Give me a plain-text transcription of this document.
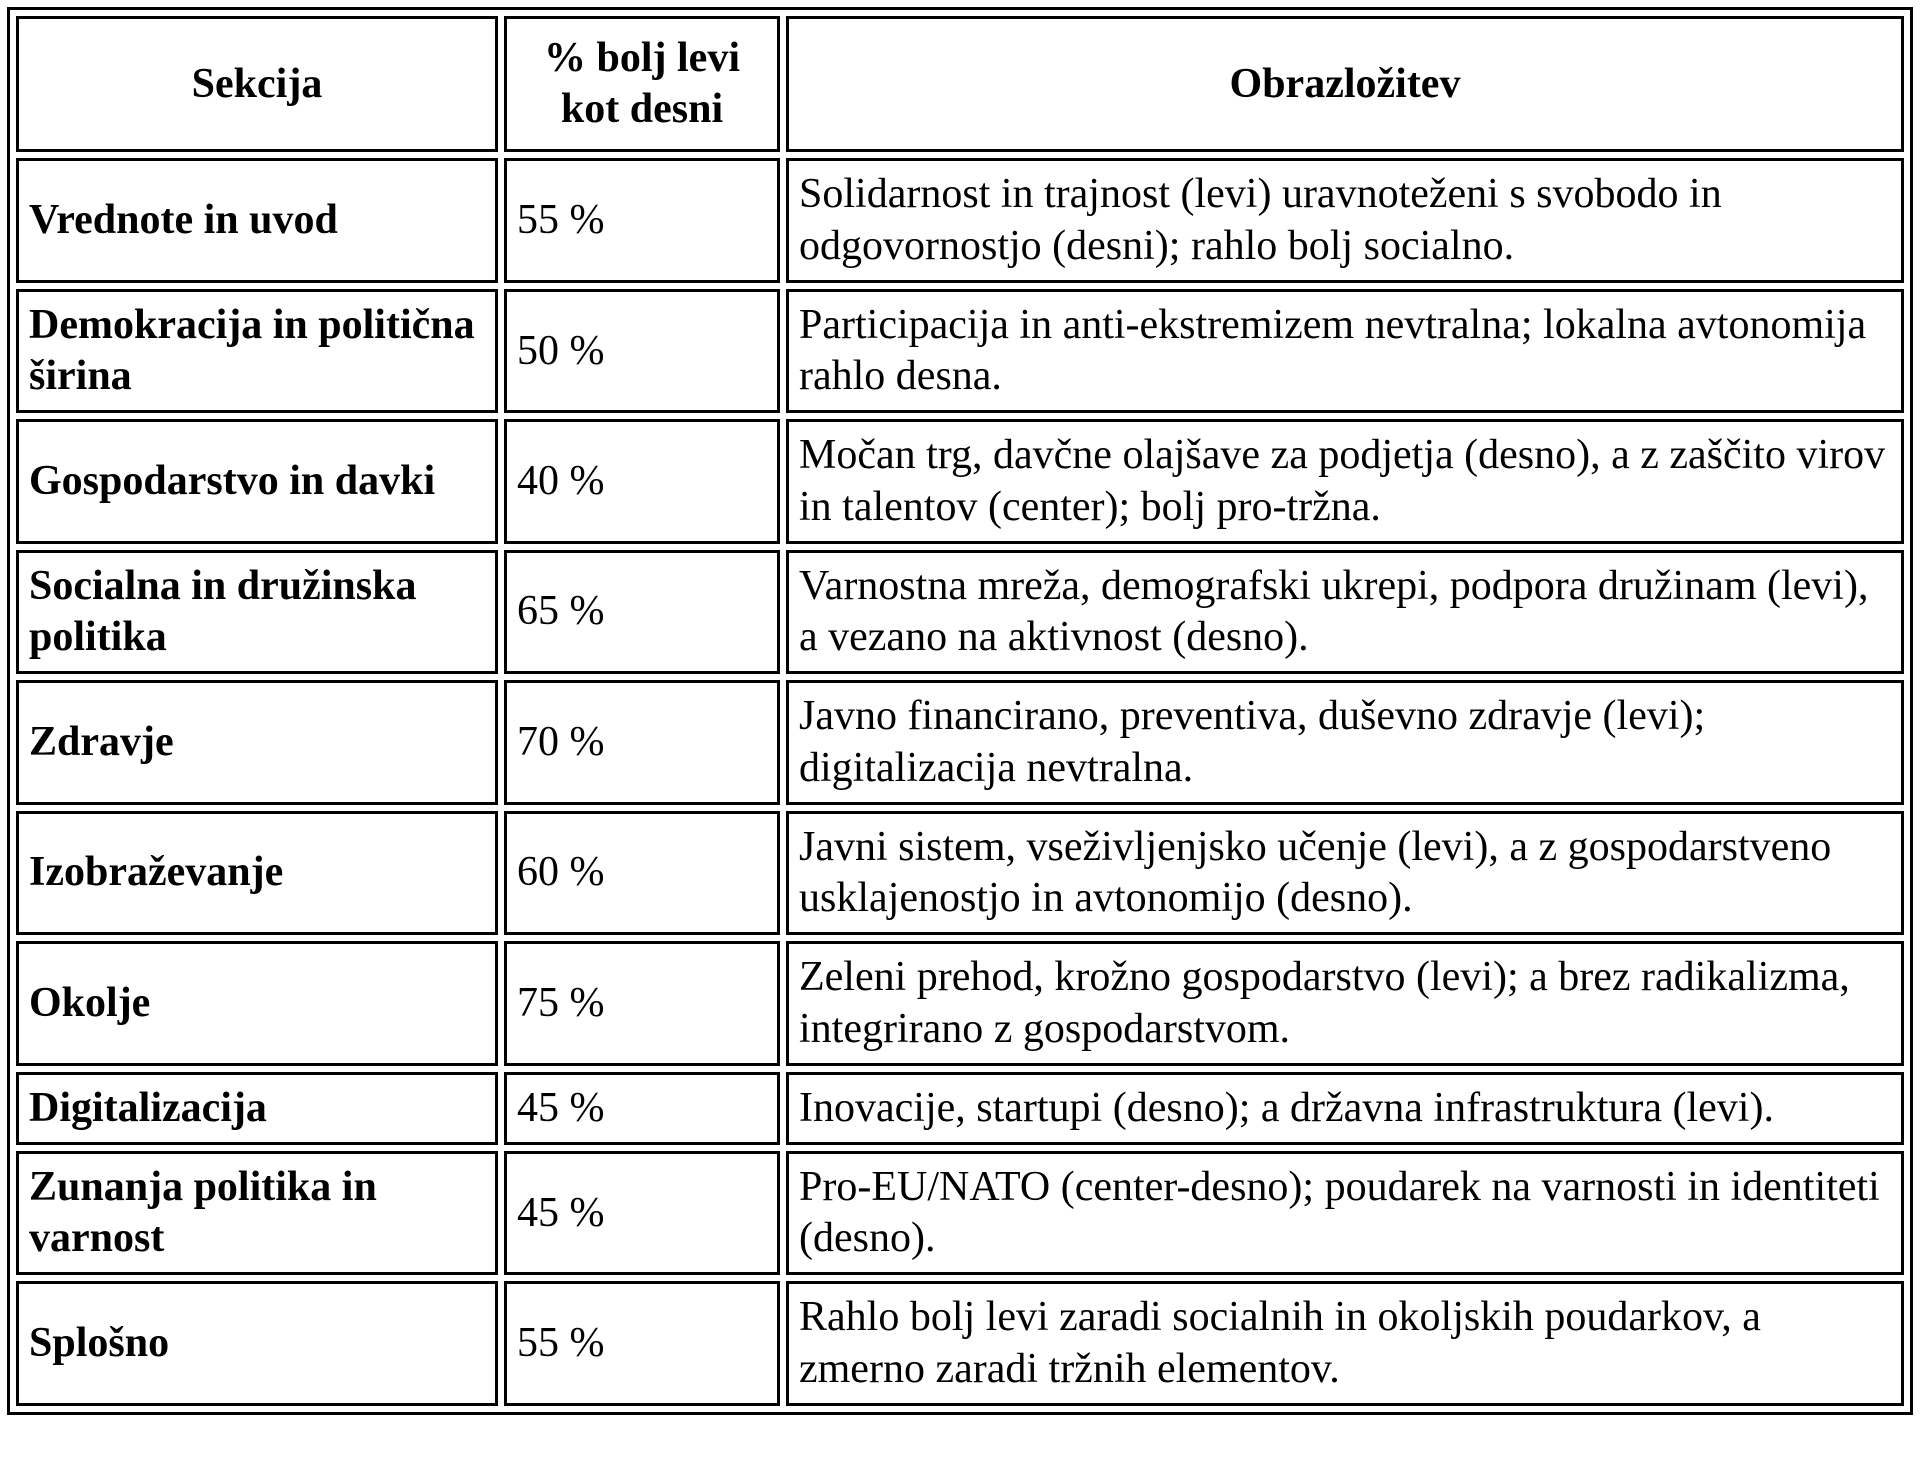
Sekcija	% bolj levi kot desni	Obrazložitev
Vrednote in uvod	55 %	Solidarnost in trajnost (levi) uravnoteženi s svobodo in odgovornostjo (desni); rahlo bolj socialno.
Demokracija in politična širina	50 %	Participacija in anti-ekstremizem nevtralna; lokalna avtonomija rahlo desna.
Gospodarstvo in davki	40 %	Močan trg, davčne olajšave za podjetja (desno), a z zaščito virov in talentov (center); bolj pro-tržna.
Socialna in družinska politika	65 %	Varnostna mreža, demografski ukrepi, podpora družinam (levi), a vezano na aktivnost (desno).
Zdravje	70 %	Javno financirano, preventiva, duševno zdravje (levi); digitalizacija nevtralna.
Izobraževanje	60 %	Javni sistem, vseživljenjsko učenje (levi), a z gospodarstveno usklajenostjo in avtonomijo (desno).
Okolje	75 %	Zeleni prehod, krožno gospodarstvo (levi); a brez radikalizma, integrirano z gospodarstvom.
Digitalizacija	45 %	Inovacije, startupi (desno); a državna infrastruktura (levi).
Zunanja politika in varnost	45 %	Pro-EU/NATO (center-desno); poudarek na varnosti in identiteti (desno).
Splošno	55 %	Rahlo bolj levi zaradi socialnih in okoljskih poudarkov, a zmerno zaradi tržnih elementov.
